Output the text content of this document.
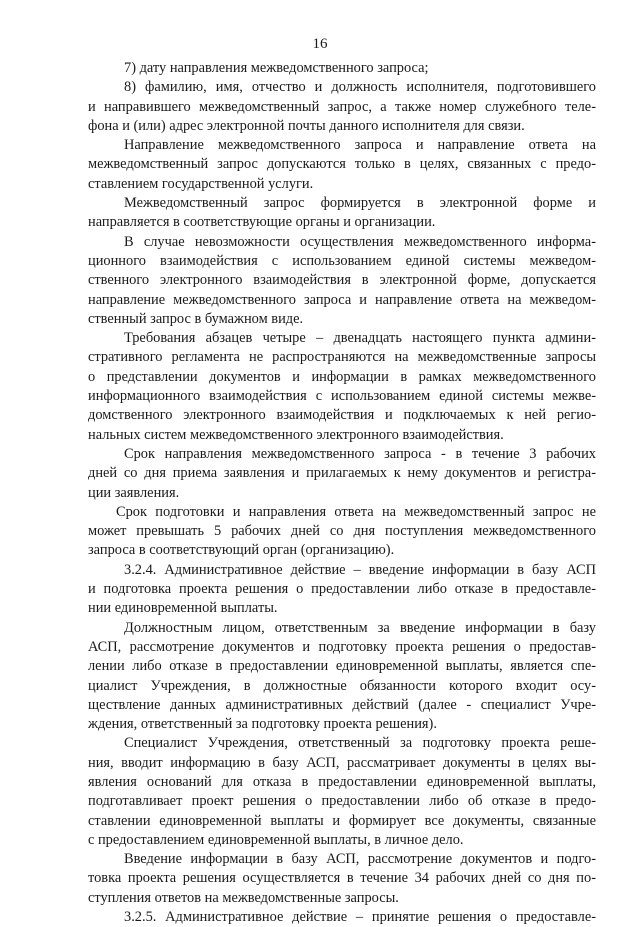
16
7) дату направления межведомственного запроса;
8) фамилию, имя, отчество и должность исполнителя, подготовившего
и направившего межведомственный запрос, а также номер служебного теле-
фона и (или) адрес электронной почты данного исполнителя для связи.
Направление межведомственного запроса и направление ответа на
межведомственный запрос допускаются только в целях, связанных с предо-
ставлением государственной услуги.
Межведомственный запрос формируется в электронной форме и
направляется в соответствующие органы и организации.
В случае невозможности осуществления межведомственного информа-
ционного взаимодействия с использованием единой системы межведом-
ственного электронного взаимодействия в электронной форме, допускается
направление межведомственного запроса и направление ответа на межведом-
ственный запрос в бумажном виде.
Требования абзацев четыре – двенадцать настоящего пункта админи-
стративного регламента не распространяются на межведомственные запросы
о представлении документов и информации в рамках межведомственного
информационного взаимодействия с использованием единой системы межве-
домственного электронного взаимодействия и подключаемых к ней регио-
нальных систем межведомственного электронного взаимодействия.
Срок направления межведомственного запроса - в течение 3 рабочих
дней со дня приема заявления и прилагаемых к нему документов и регистра-
ции заявления.
Срок подготовки и направления ответа на межведомственный запрос не
может превышать 5 рабочих дней со дня поступления межведомственного
запроса в соответствующий орган (организацию).
3.2.4. Административное действие – введение информации в базу АСП
и подготовка проекта решения о предоставлении либо отказе в предоставле-
нии единовременной выплаты.
Должностным лицом, ответственным за введение информации в базу
АСП, рассмотрение документов и подготовку проекта решения о предостав-
лении либо отказе в предоставлении единовременной выплаты, является спе-
циалист Учреждения, в должностные обязанности которого входит осу-
ществление данных административных действий (далее - специалист Учре-
ждения, ответственный за подготовку проекта решения).
Специалист Учреждения, ответственный за подготовку проекта реше-
ния, вводит информацию в базу АСП, рассматривает документы в целях вы-
явления оснований для отказа в предоставлении единовременной выплаты,
подготавливает проект решения о предоставлении либо об отказе в предо-
ставлении единовременной выплаты и формирует все документы, связанные
с предоставлением единовременной выплаты, в личное дело.
Введение информации в базу АСП, рассмотрение документов и подго-
товка проекта решения осуществляется в течение 34 рабочих дней со дня по-
ступления ответов на межведомственные запросы.
3.2.5. Административное действие – принятие решения о предоставле-
